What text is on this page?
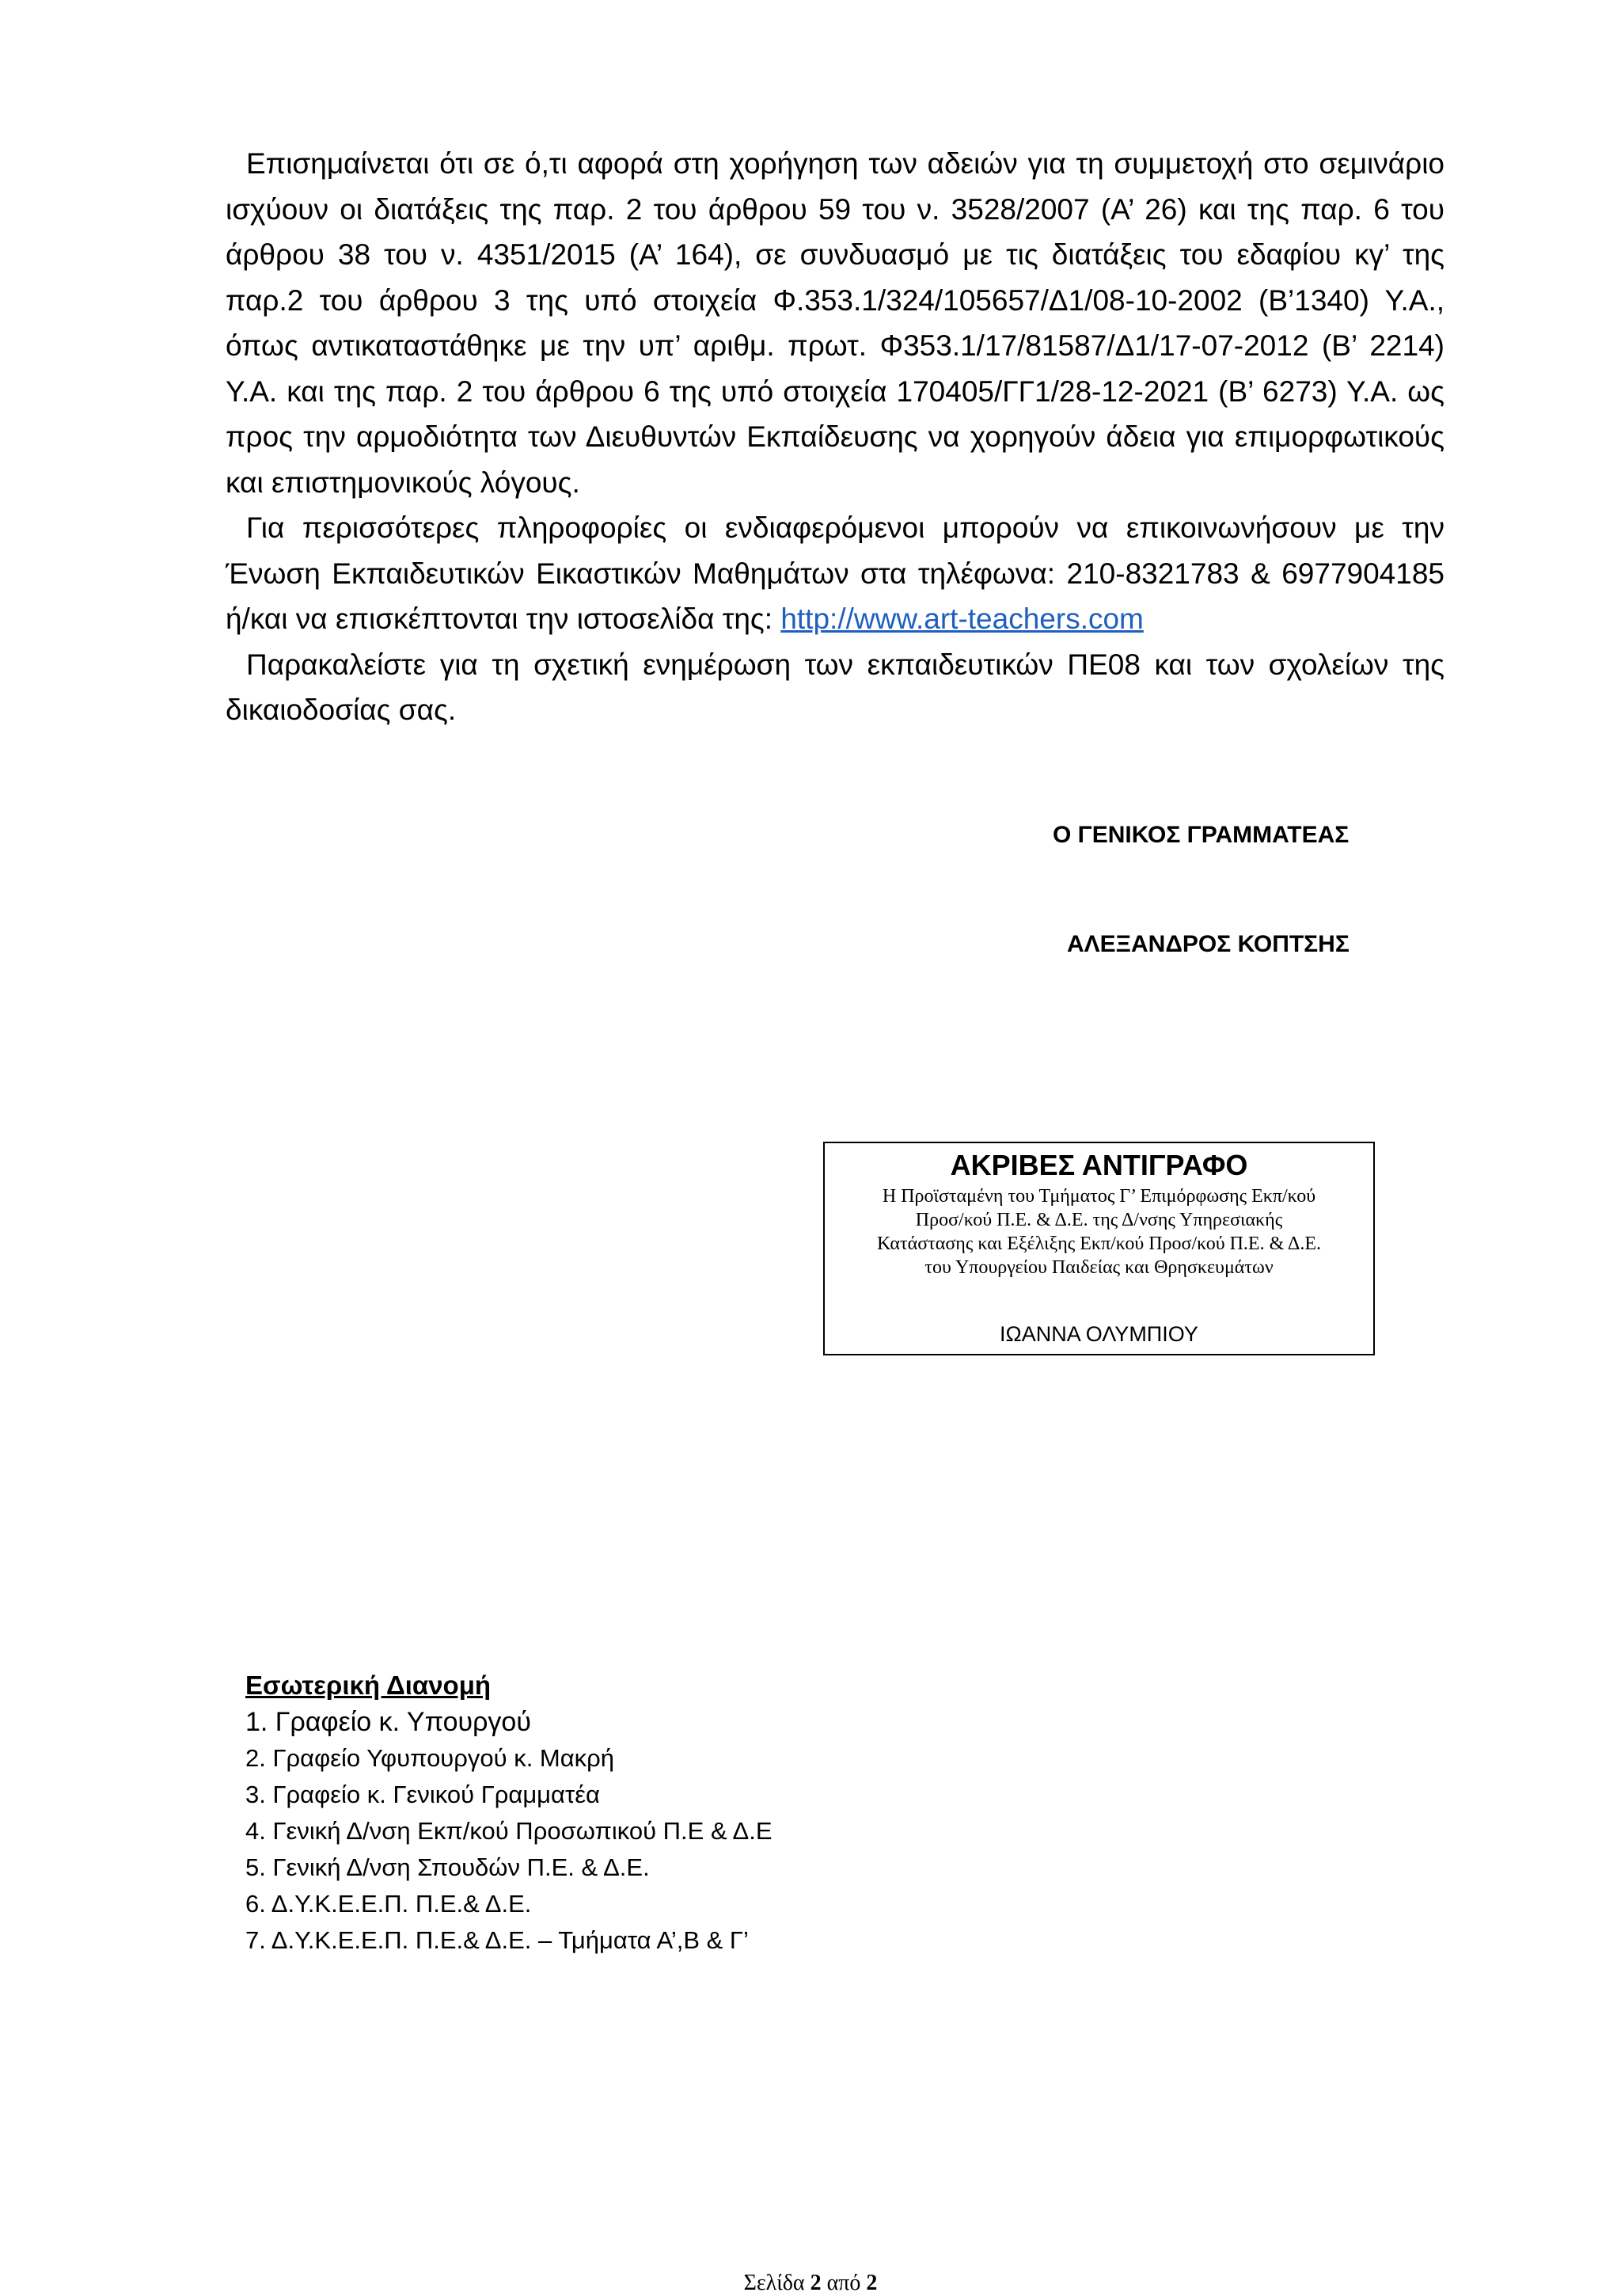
Επισημαίνεται ότι σε ό,τι αφορά στη χορήγηση των αδειών για τη συμμετοχή στο σεμινάριο ισχύουν οι διατάξεις της παρ. 2 του άρθρου 59 του ν. 3528/2007 (Α’ 26) και της παρ. 6 του άρθρου 38 του ν. 4351/2015 (Α’ 164), σε συνδυασμό με τις διατάξεις του εδαφίου κγ’ της παρ.2 του άρθρου 3 της υπό στοιχεία Φ.353.1/324/105657/Δ1/08-10-2002 (Β’1340) Υ.Α., όπως αντικαταστάθηκε με την υπ’ αριθμ. πρωτ. Φ353.1/17/81587/Δ1/17-07-2012 (Β’ 2214) Υ.Α. και της παρ. 2 του άρθρου 6 της υπό στοιχεία 170405/ΓΓ1/28-12-2021 (Β’ 6273) Υ.Α. ως προς την αρμοδιότητα των Διευθυντών Εκπαίδευσης να χορηγούν άδεια για επιμορφωτικούς και επιστημονικούς λόγους.

Για περισσότερες πληροφορίες οι ενδιαφερόμενοι μπορούν να επικοινωνήσουν με την Ένωση Εκπαιδευτικών Εικαστικών Μαθημάτων στα τηλέφωνα: 210-8321783 & 6977904185 ή/και να επισκέπτονται την ιστοσελίδα της: http://www.art-teachers.com

Παρακαλείστε για τη σχετική ενημέρωση των εκπαιδευτικών ΠΕ08 και των σχολείων της δικαιοδοσίας σας.

Ο ΓΕΝΙΚΟΣ ΓΡΑΜΜΑΤΕΑΣ
ΑΛΕΞΑΝΔΡΟΣ ΚΟΠΤΣΗΣ
ΑΚΡΙΒΕΣ ΑΝΤΙΓΡΑΦΟ
Η Προϊσταμένη του Τμήματος Γ’ Επιμόρφωσης Εκπ/κού
Προσ/κού Π.Ε. & Δ.Ε. της Δ/νσης Υπηρεσιακής
Κατάστασης και Εξέλιξης Εκπ/κού Προσ/κού Π.Ε. & Δ.Ε.
του Υπουργείου Παιδείας και Θρησκευμάτων
ΙΩΑΝΝΑ ΟΛΥΜΠΙΟΥ
Εσωτερική Διανομή
1. Γραφείο κ. Υπουργού
2. Γραφείο Υφυπουργού κ. Μακρή
3. Γραφείο κ. Γενικού Γραμματέα
4. Γενική Δ/νση Εκπ/κού Προσωπικού Π.Ε & Δ.Ε
5. Γενική Δ/νση Σπουδών Π.Ε. & Δ.Ε.
6. Δ.Υ.Κ.Ε.Ε.Π. Π.Ε.& Δ.Ε.
7. Δ.Υ.Κ.Ε.Ε.Π. Π.Ε.& Δ.Ε. – Τμήματα Α’,Β & Γ’
Σελίδα 2 από 2
